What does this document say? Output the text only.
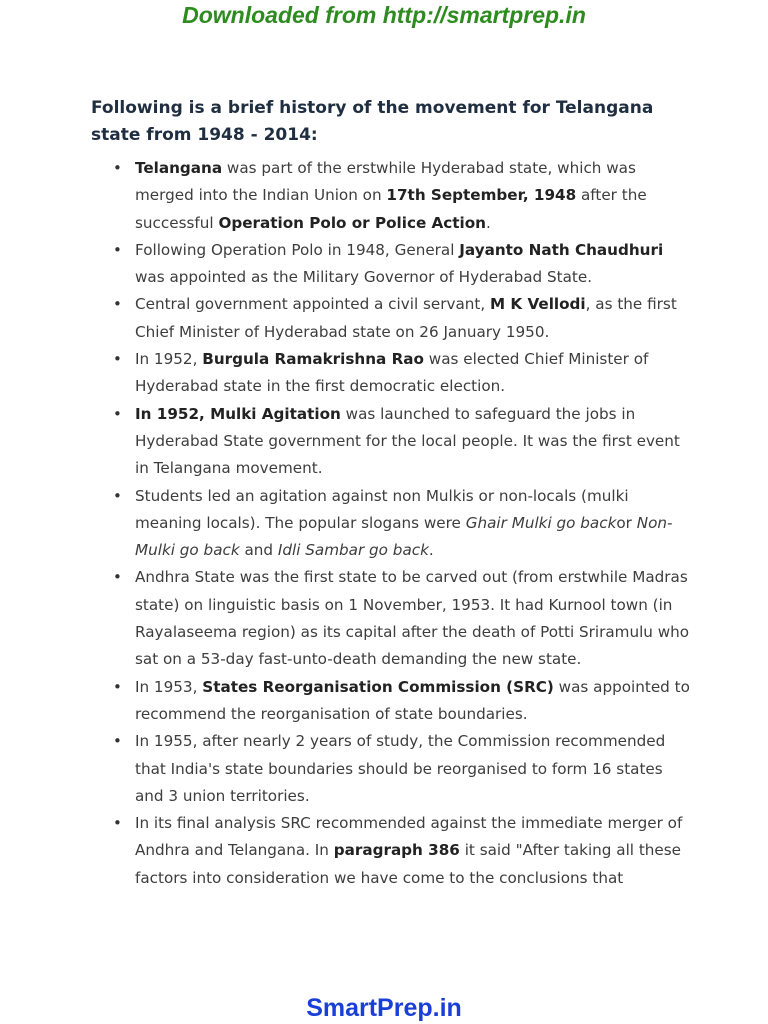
Downloaded from http://smartprep.in
Following is a brief history of the movement for Telangana state from 1948 - 2014:
• Telangana was part of the erstwhile Hyderabad state, which was merged into the Indian Union on 17th September, 1948 after the successful Operation Polo or Police Action.
• Following Operation Polo in 1948, General Jayanto Nath Chaudhuri was appointed as the Military Governor of Hyderabad State.
• Central government appointed a civil servant, M K Vellodi, as the first Chief Minister of Hyderabad state on 26 January 1950.
• In 1952, Burgula Ramakrishna Rao was elected Chief Minister of Hyderabad state in the first democratic election.
• In 1952, Mulki Agitation was launched to safeguard the jobs in Hyderabad State government for the local people. It was the first event in Telangana movement.
• Students led an agitation against non Mulkis or non-locals (mulki meaning locals). The popular slogans were Ghair Mulki go backor Non-Mulki go back and Idli Sambar go back.
• Andhra State was the first state to be carved out (from erstwhile Madras state) on linguistic basis on 1 November, 1953. It had Kurnool town (in Rayalaseema region) as its capital after the death of Potti Sriramulu who sat on a 53-day fast-unto-death demanding the new state.
• In 1953, States Reorganisation Commission (SRC) was appointed to recommend the reorganisation of state boundaries.
• In 1955, after nearly 2 years of study, the Commission recommended that India's state boundaries should be reorganised to form 16 states and 3 union territories.
• In its final analysis SRC recommended against the immediate merger of Andhra and Telangana. In paragraph 386 it said "After taking all these factors into consideration we have come to the conclusions that
SmartPrep.in
